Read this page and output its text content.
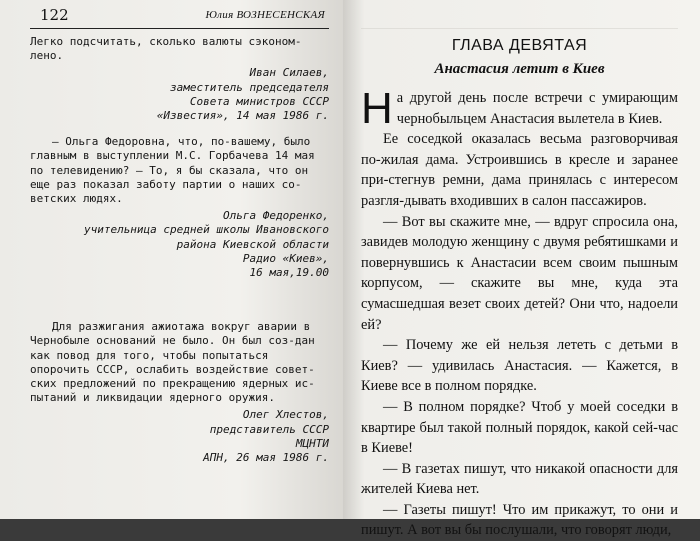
122	Юлия ВОЗНЕСЕНСКАЯ

Легко подсчитать, сколько валюты сэконом-лено.

Иван Силаев,
заместитель председателя
Совета министров СССР
«Известия», 14 мая 1986 г.

— Ольга Федоровна, что, по-вашему, было главным в выступлении М.С. Горбачева 14 мая по телевидению? — То, я бы сказала, что он еще раз показал заботу партии о наших со-ветских людях.

Ольга Федоренко,
учительница средней школы Ивановского
района Киевской области
Радио «Киев»,
16 мая,19.00

Для разжигания ажиотажа вокруг аварии в Чернобыле оснований не было. Он был соз-дан как повод для того, чтобы попытаться опорочить СССР, ослабить воздействие совет-ских предложений по прекращению ядерных ис-пытаний и ликвидации ядерного оружия.

Олег Хлестов,
представитель СССР
МЦНТИ
АПН, 26 мая 1986 г.
ГЛАВА ДЕВЯТАЯ
Анастасия летит в Киев

На другой день после встречи с умирающим чернобыльцем Анастасия вылетела в Киев.

Ее соседкой оказалась весьма разговорчивая по-жилая дама. Устроившись в кресле и заранее при-стегнув ремни, дама принялась с интересом разгля-дывать входивших в салон пассажиров.

— Вот вы скажите мне, — вдруг спросила она, завидев молодую женщину с двумя ребятишками и повернувшись к Анастасии всем своим пышным корпусом, — скажите вы мне, куда эта сумасшедшая везет своих детей? Они что, надоели ей?

— Почему же ей нельзя лететь с детьми в Киев? — удивилась Анастасия. — Кажется, в Киеве все в полном порядке.

— В полном порядке? Чтоб у моей соседки в квартире был такой полный порядок, какой сей-час в Киеве!

— В газетах пишут, что никакой опасности для жителей Киева нет.

— Газеты пишут! Что им прикажут, то они и пишут. А вот вы бы послушали, что говорят люди,
